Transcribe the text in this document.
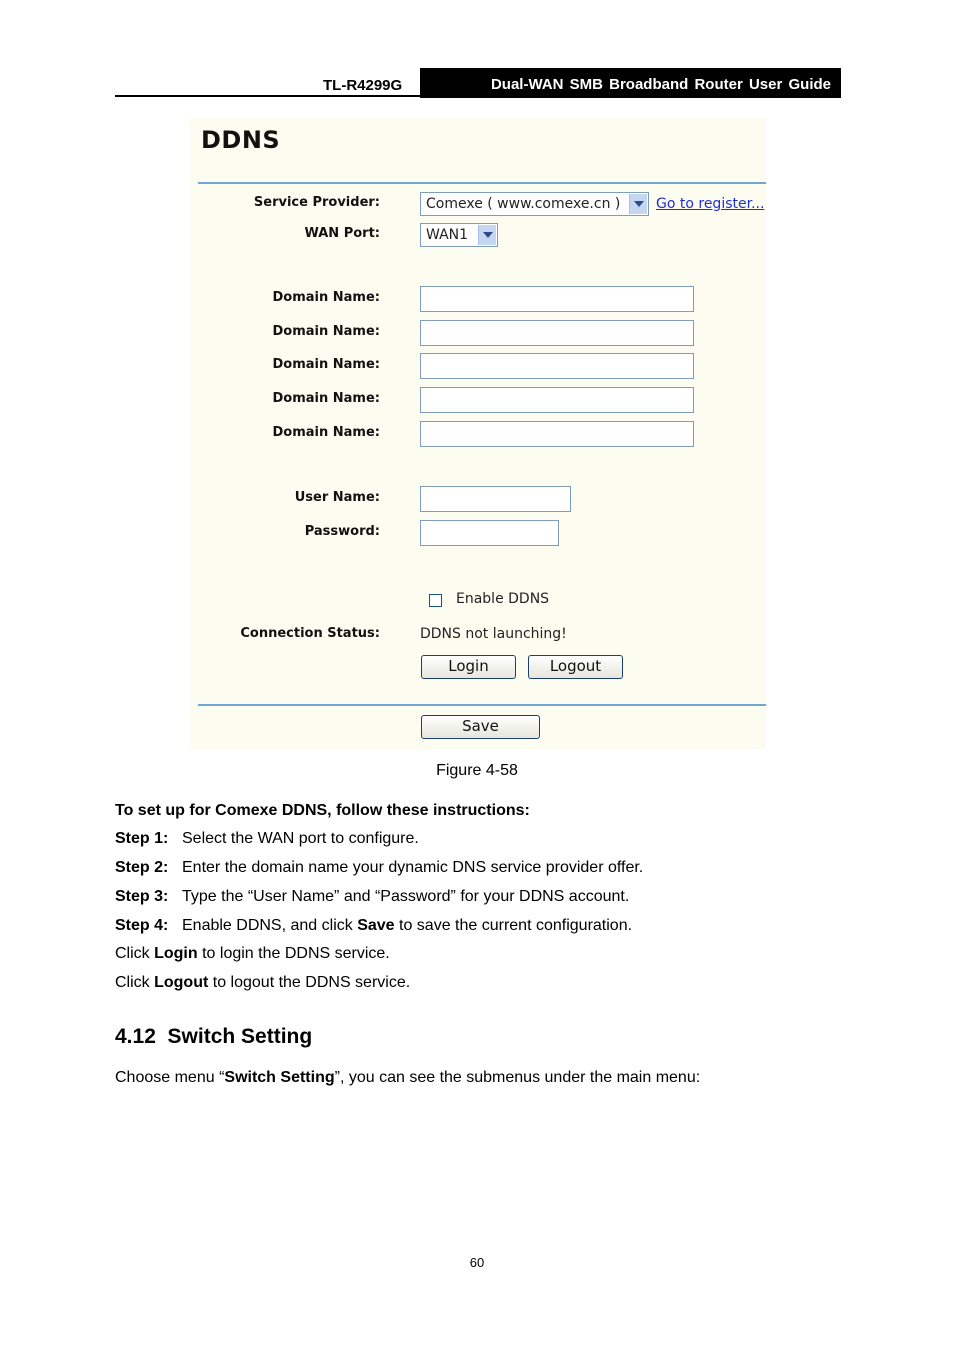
TL-R4299G	Dual-WAN SMB Broadband Router User Guide
DDNS
Service Provider:	Comexe ( www.comexe.cn )	Go to register...
WAN Port:	WAN1
Domain Name:
Domain Name:
Domain Name:
Domain Name:
Domain Name:
User Name:
Password:
Enable DDNS
Connection Status:	DDNS not launching!
Login	Logout
Save
Figure 4-58
To set up for Comexe DDNS, follow these instructions:
Step 1: Select the WAN port to configure.
Step 2: Enter the domain name your dynamic DNS service provider offer.
Step 3: Type the “User Name” and “Password” for your DDNS account.
Step 4: Enable DDNS, and click Save to save the current configuration.
Click Login to login the DDNS service.
Click Logout to logout the DDNS service.
4.12  Switch Setting
Choose menu “Switch Setting”, you can see the submenus under the main menu:
60
